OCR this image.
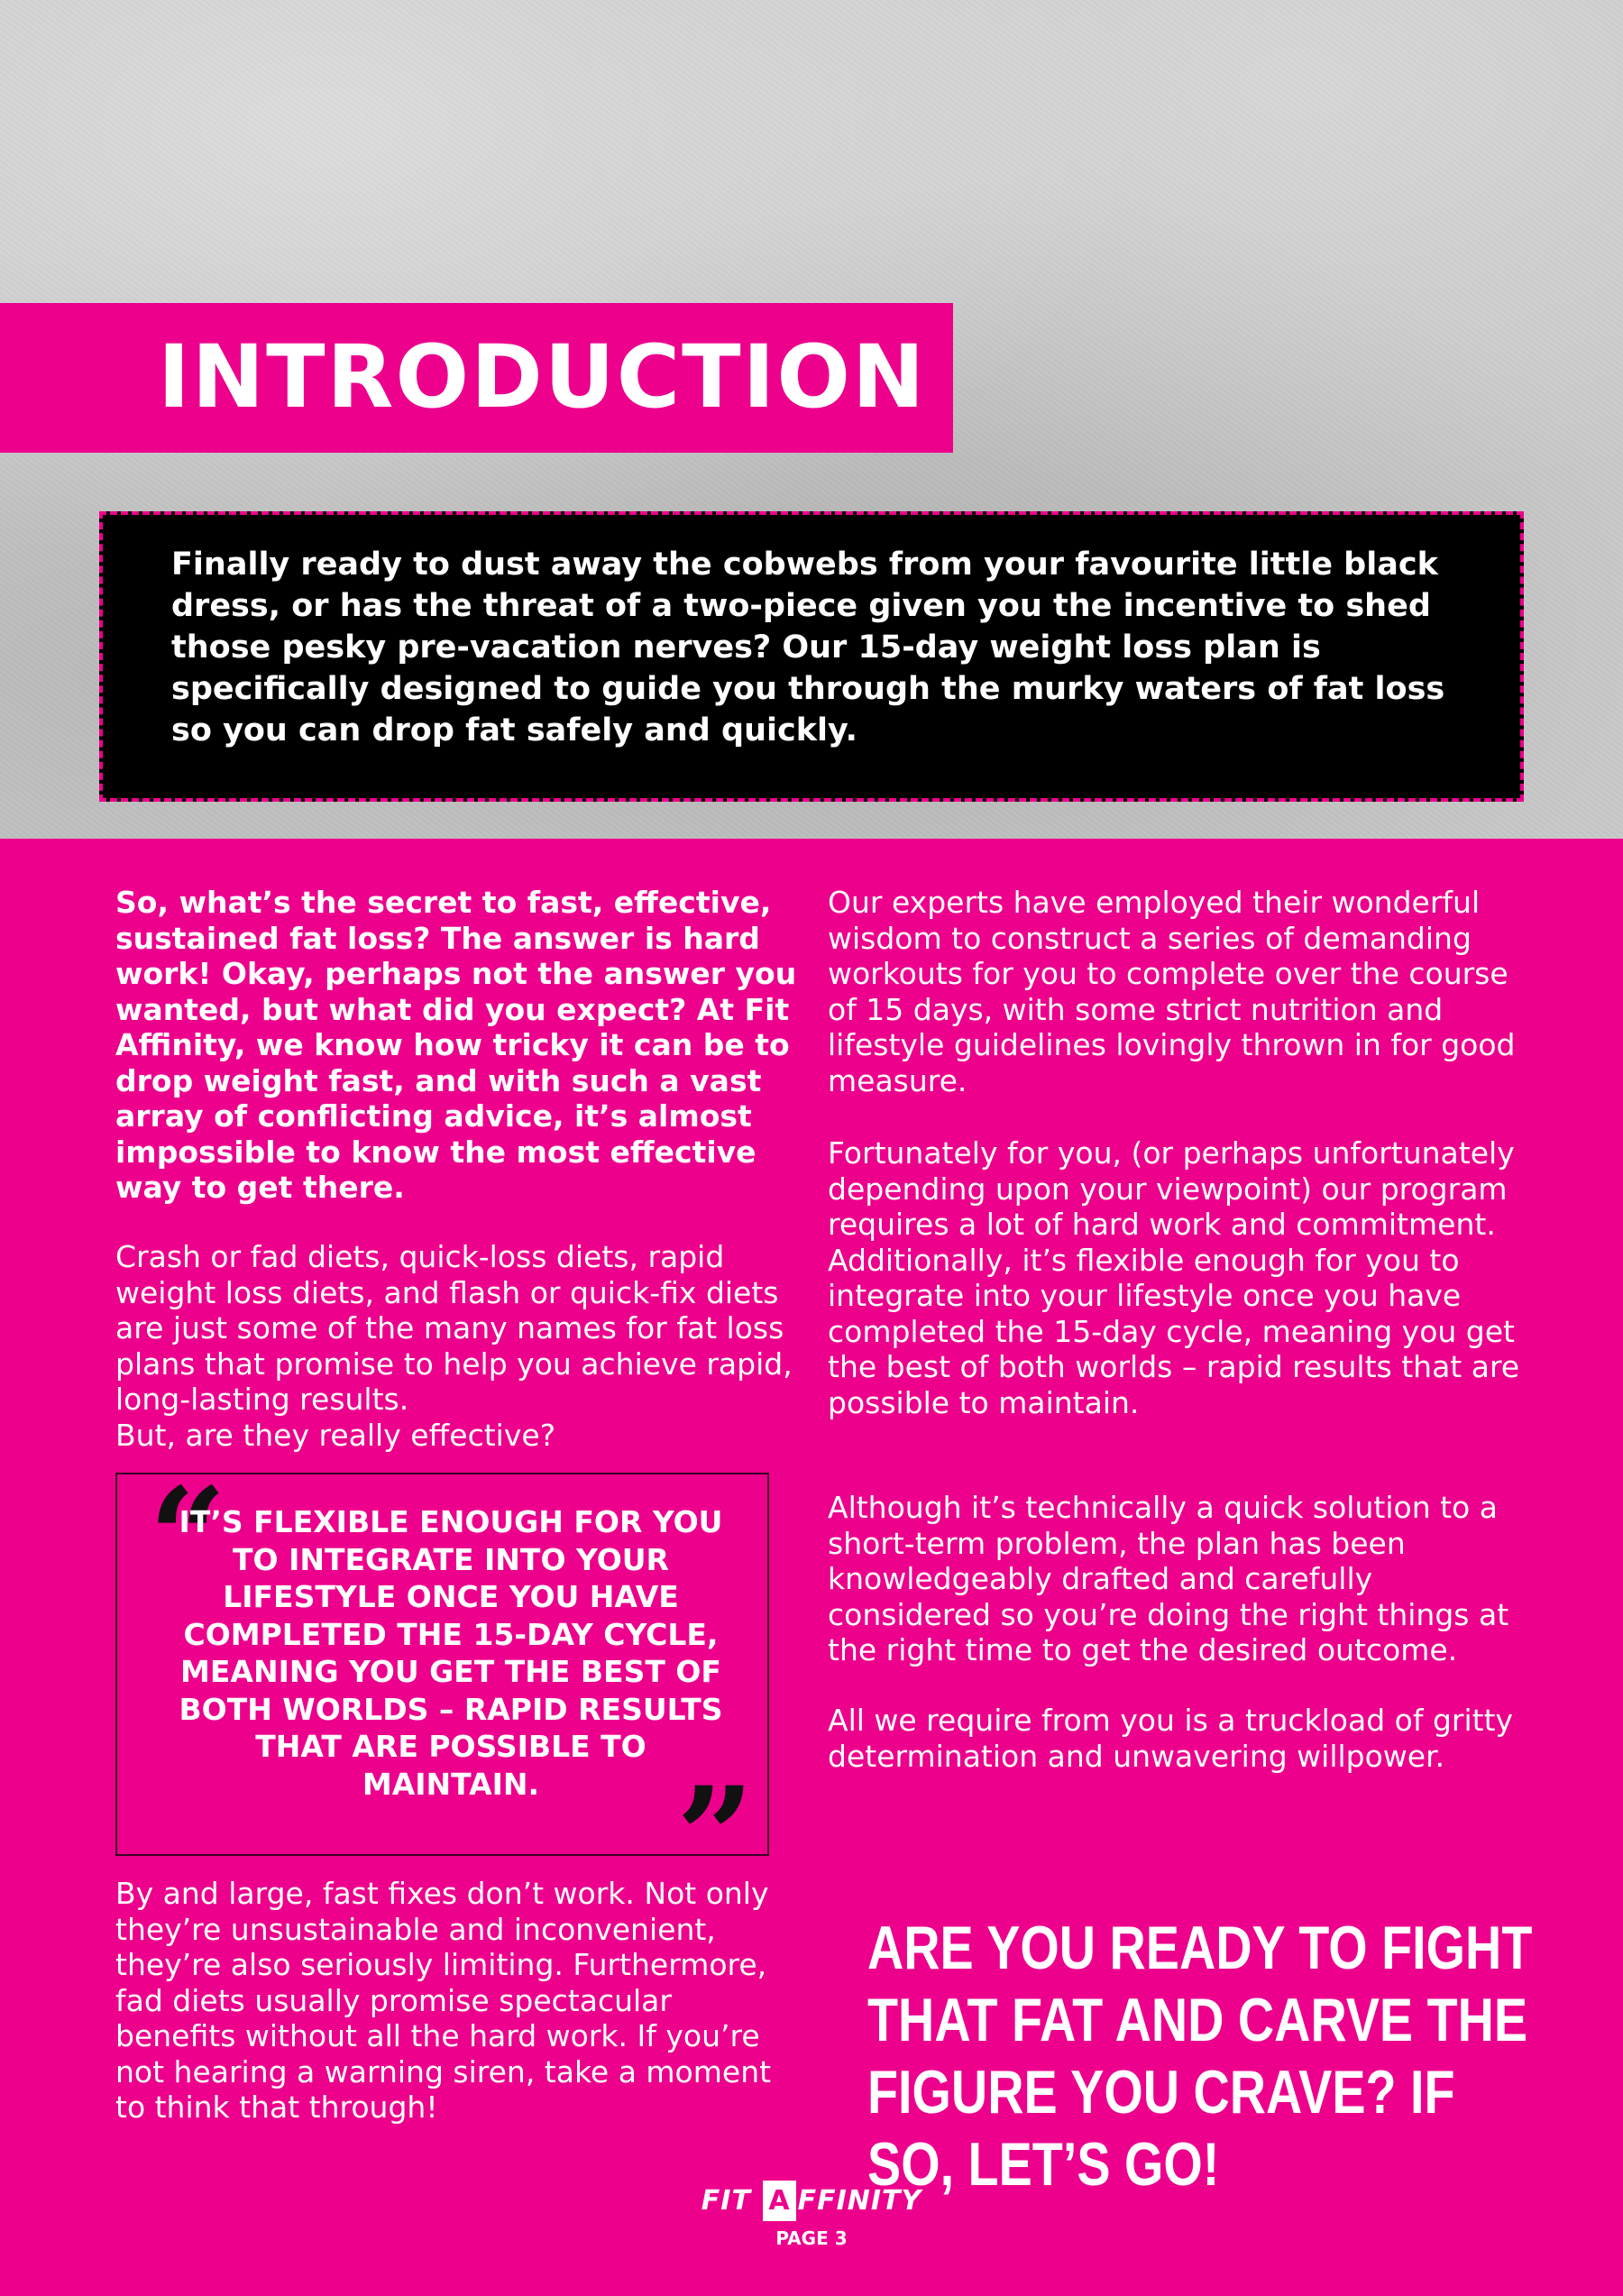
INTRODUCTION

Finally ready to dust away the cobwebs from your favourite little black dress, or has the threat of a two-piece given you the incentive to shed those pesky pre-vacation nerves? Our 15-day weight loss plan is specifically designed to guide you through the murky waters of fat loss so you can drop fat safely and quickly.

So, what’s the secret to fast, effective, sustained fat loss? The answer is hard work! Okay, perhaps not the answer you wanted, but what did you expect? At Fit Affinity, we know how tricky it can be to drop weight fast, and with such a vast array of conflicting advice, it’s almost impossible to know the most effective way to get there.

Crash or fad diets, quick-loss diets, rapid weight loss diets, and flash or quick-fix diets are just some of the many names for fat loss plans that promise to help you achieve rapid, long-lasting results.
But, are they really effective?
“

IT’S FLEXIBLE ENOUGH FOR YOU TO INTEGRATE INTO YOUR LIFESTYLE ONCE YOU HAVE COMPLETED THE 15-DAY CYCLE, MEANING YOU GET THE BEST OF BOTH WORLDS – RAPID RESULTS THAT ARE POSSIBLE TO MAINTAIN.	”

By and large, fast fixes don’t work. Not only they’re unsustainable and inconvenient, they’re also seriously limiting. Furthermore, fad diets usually promise spectacular benefits without all the hard work. If you’re not hearing a warning siren, take a moment to think that through!

Our experts have employed their wonderful wisdom to construct a series of demanding workouts for you to complete over the course of 15 days, with some strict nutrition and lifestyle guidelines lovingly thrown in for good measure.

Fortunately for you, (or perhaps unfortunately depending upon your viewpoint) our program requires a lot of hard work and commitment. Additionally, it’s flexible enough for you to integrate into your lifestyle once you have completed the 15-day cycle, meaning you get the best of both worlds – rapid results that are possible to maintain.

Although it’s technically a quick solution to a short-term problem, the plan has been knowledgeably drafted and carefully considered so you’re doing the right things at the right time to get the desired outcome.

All we require from you is a truckload of gritty determination and unwavering willpower.

ARE YOU READY TO FIGHT THAT FAT AND CARVE THE FIGURE YOU CRAVE? IF SO, LET’S GO!

FIT A FFINITY
PAGE 3
